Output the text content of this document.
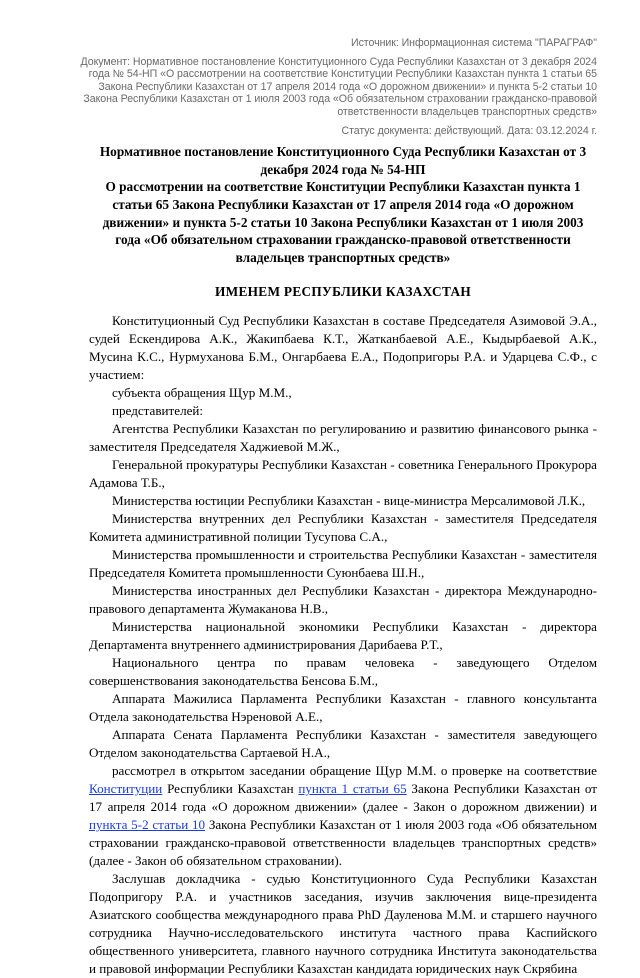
Источник: Информационная система "ПАРАГРАФ"
Документ: Нормативное постановление Конституционного Суда Республики Казахстан от 3 декабря 2024 года № 54-НП «О рассмотрении на соответствие Конституции Республики Казахстан пункта 1 статьи 65 Закона Республики Казахстан от 17 апреля 2014 года «О дорожном движении» и пункта 5-2 статьи 10 Закона Республики Казахстан от 1 июля 2003 года «Об обязательном страховании гражданско-правовой ответственности владельцев транспортных средств»
Статус документа: действующий. Дата: 03.12.2024 г.
Нормативное постановление Конституционного Суда Республики Казахстан от 3 декабря 2024 года № 54-НП
О рассмотрении на соответствие Конституции Республики Казахстан пункта 1 статьи 65 Закона Республики Казахстан от 17 апреля 2014 года «О дорожном движении» и пункта 5-2 статьи 10 Закона Республики Казахстан от 1 июля 2003 года «Об обязательном страховании гражданско-правовой ответственности владельцев транспортных средств»
ИМЕНЕМ РЕСПУБЛИКИ КАЗАХСТАН

Конституционный Суд Республики Казахстан в составе Председателя Азимовой Э.А., судей Ескендирова А.К., Жакипбаева К.Т., Жатканбаевой А.Е., Кыдырбаевой А.К., Мусина К.С., Нурмуханова Б.М., Онгарбаева Е.А., Подопригоры Р.А. и Ударцева С.Ф., с участием:

субъекта обращения Щур М.М.,

представителей:

Агентства Республики Казахстан по регулированию и развитию финансового рынка - заместителя Председателя Хаджиевой М.Ж.,

Генеральной прокуратуры Республики Казахстан - советника Генерального Прокурора Адамова Т.Б.,

Министерства юстиции Республики Казахстан - вице-министра Мерсалимовой Л.К.,

Министерства внутренних дел Республики Казахстан - заместителя Председателя Комитета административной полиции Тусупова С.А.,

Министерства промышленности и строительства Республики Казахстан - заместителя Председателя Комитета промышленности Суюнбаева Ш.Н.,

Министерства иностранных дел Республики Казахстан - директора Международно-правового департамента Жумаканова Н.В.,

Министерства национальной экономики Республики Казахстан - директора Департамента внутреннего администрирования Дарибаева Р.Т.,

Национального центра по правам человека - заведующего Отделом совершенствования законодательства Бенсова Б.М.,

Аппарата Мажилиса Парламента Республики Казахстан - главного консультанта Отдела законодательства Нэреновой А.Е.,

Аппарата Сената Парламента Республики Казахстан - заместителя заведующего Отделом законодательства Сартаевой Н.А.,

рассмотрел в открытом заседании обращение Щур М.М. о проверке на соответствие Конституции Республики Казахстан пункта 1 статьи 65 Закона Республики Казахстан от 17 апреля 2014 года «О дорожном движении» (далее - Закон о дорожном движении) и пункта 5-2 статьи 10 Закона Республики Казахстан от 1 июля 2003 года «Об обязательном страховании гражданско-правовой ответственности владельцев транспортных средств» (далее - Закон об обязательном страховании).

Заслушав докладчика - судью Конституционного Суда Республики Казахстан Подопригору Р.А. и участников заседания, изучив заключения вице-президента Азиатского сообщества международного права PhD Дауленова М.М. и старшего научного сотрудника Научно-исследовательского института частного права Каспийского общественного университета, главного научного сотрудника Института законодательства и правовой информации Республики Казахстан кандидата юридических наук Скрябина
